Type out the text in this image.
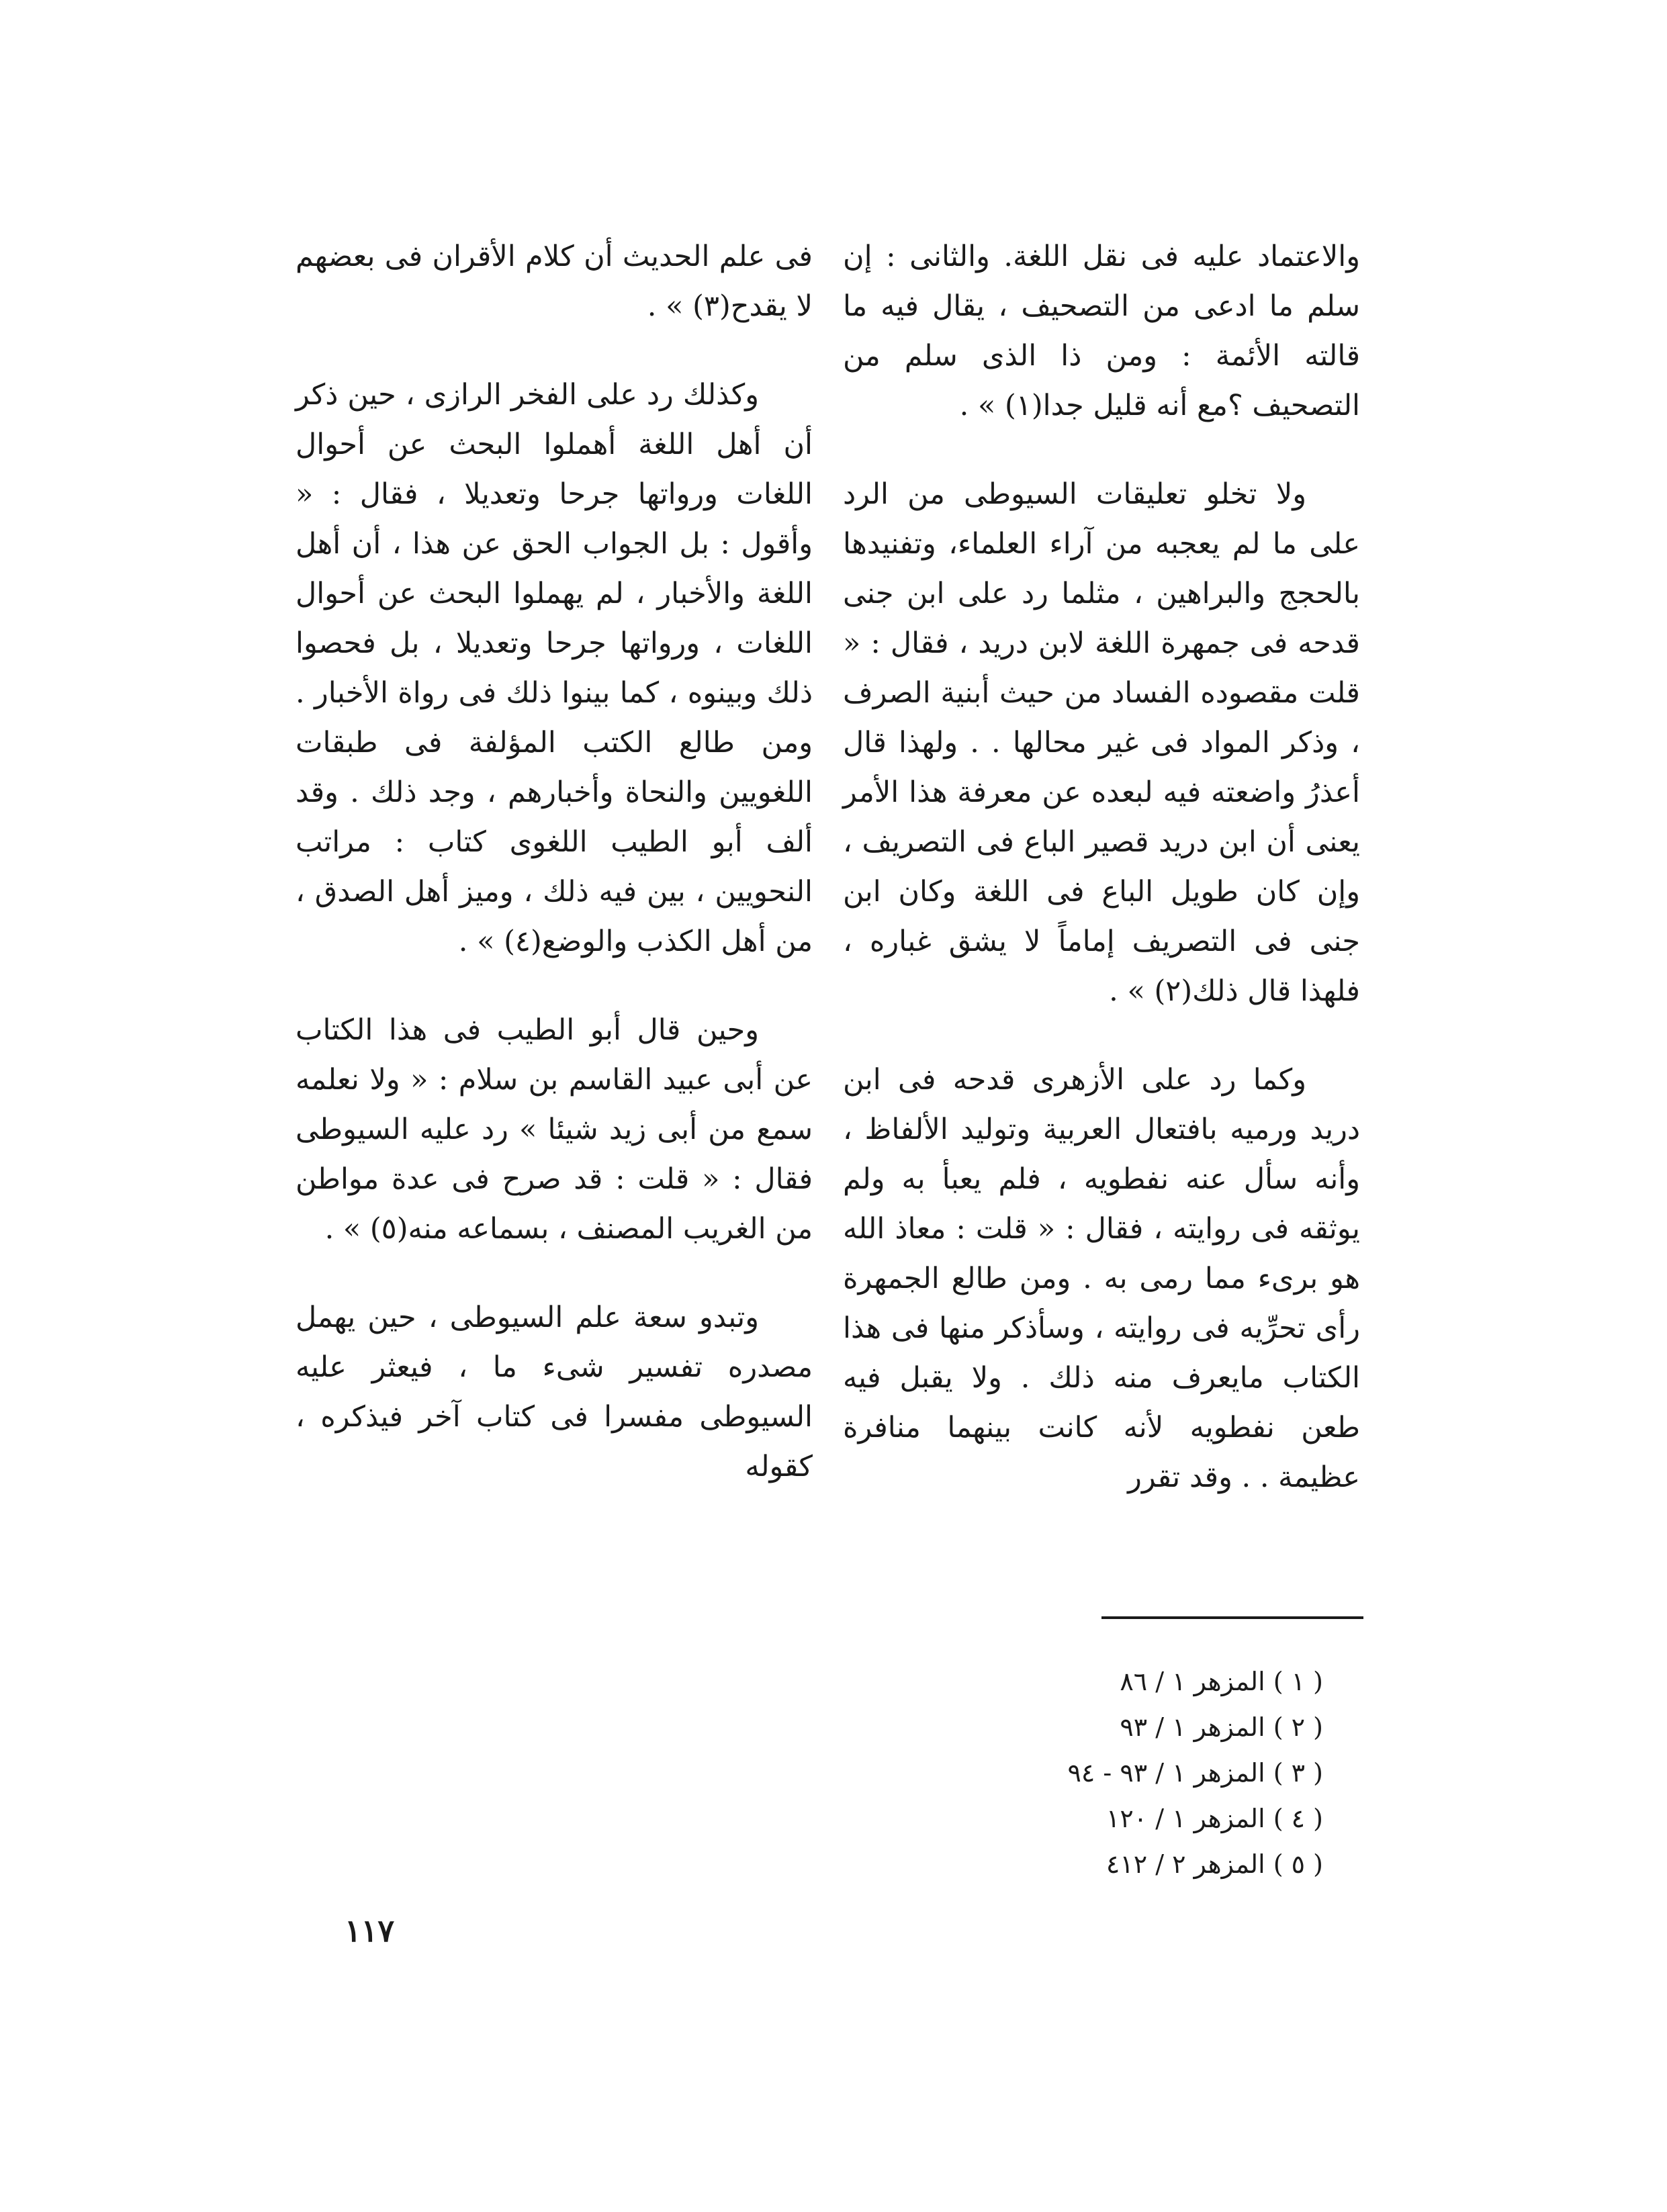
والاعتماد عليه فى نقل اللغة. والثانى : إن سلم ما ادعى من التصحيف ، يقال فيه ما قالته الأئمة : ومن ذا الذى سلم من التصحيف ؟مع أنه قليل جدا(١) » .

ولا تخلو تعليقات السيوطى من الرد على ما لم يعجبه من آراء العلماء، وتفنيدها بالحجج والبراهين ، مثلما رد على ابن جنى قدحه فى جمهرة اللغة لابن دريد ، فقال : « قلت مقصوده الفساد من حيث أبنية الصرف ، وذكر المواد فى غير محالها . . ولهذا قال أعذرُ واضعته فيه لبعده عن معرفة هذا الأمر يعنى أن ابن دريد قصير الباع فى التصريف ، وإن كان طويل الباع فى اللغة وكان ابن جنى فى التصريف إماماً لا يشق غباره ، فلهذا قال ذلك(٢) » .

وكما رد على الأزهرى قدحه فى ابن دريد ورميه بافتعال العربية وتوليد الألفاظ ، وأنه سأل عنه نفطويه ، فلم يعبأ به ولم يوثقه فى روايته ، فقال : « قلت : معاذ الله هو برىء مما رمى به . ومن طالع الجمهرة رأى تحرِّيه فى روايته ، وسأذكر منها فى هذا الكتاب مايعرف منه ذلك . ولا يقبل فيه طعن نفطويه لأنه كانت بينهما منافرة عظيمة . . وقد تقرر

فى علم الحديث أن كلام الأقران فى بعضهم لا يقدح(٣) » .

وكذلك رد على الفخر الرازى ، حين ذكر أن أهل اللغة أهملوا البحث عن أحوال اللغات ورواتها جرحا وتعديلا ، فقال : « وأقول : بل الجواب الحق عن هذا ، أن أهل اللغة والأخبار ، لم يهملوا البحث عن أحوال اللغات ، ورواتها جرحا وتعديلا ، بل فحصوا ذلك وبينوه ، كما بينوا ذلك فى رواة الأخبار . ومن طالع الكتب المؤلفة فى طبقات اللغويين والنحاة وأخبارهم ، وجد ذلك . وقد ألف أبو الطيب اللغوى كتاب : مراتب النحويين ، بين فيه ذلك ، وميز أهل الصدق ، من أهل الكذب والوضع(٤) » .

وحين قال أبو الطيب فى هذا الكتاب عن أبى عبيد القاسم بن سلام : « ولا نعلمه سمع من أبى زيد شيئا » رد عليه السيوطى فقال : « قلت : قد صرح فى عدة مواطن من الغريب المصنف ، بسماعه منه(٥) » .

وتبدو سعة علم السيوطى ، حين يهمل مصدره تفسير شىء ما ، فيعثر عليه السيوطى مفسرا فى كتاب آخر فيذكره ، كقوله

( ١ ) المزهر ١ / ٨٦
( ٢ ) المزهر ١ / ٩٣
( ٣ ) المزهر ١ / ٩٣ - ٩٤
( ٤ ) المزهر ١ / ١٢٠
( ٥ ) المزهر ٢ / ٤١٢
١١٧
